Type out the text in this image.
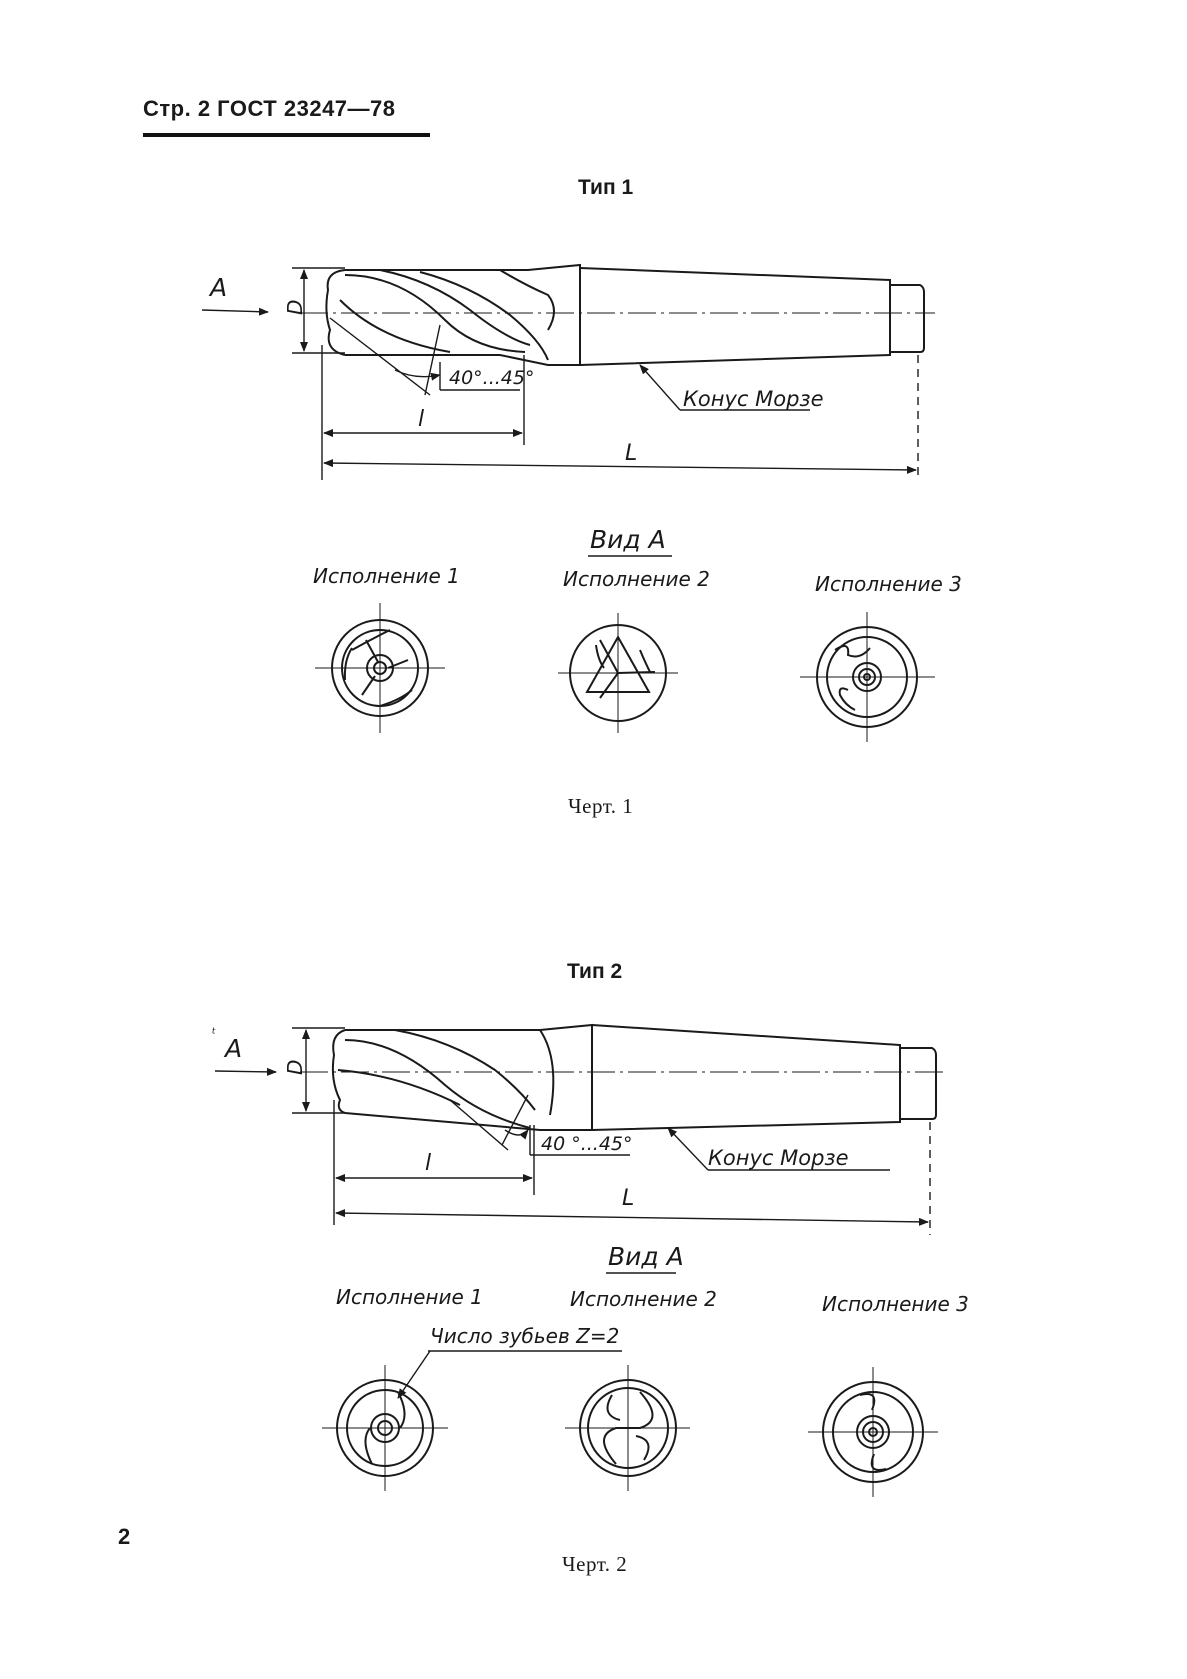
Стр. 2 ГОСТ 23247—78
Тип 1
Тип 2
A
D
40°...45°
Конус Морзе
l
L
Вид А
Исполнение 1	Исполнение 2	Исполнение 3
ᵗ A
D
40 °...45°
Конус Морзе
l
L
Вид А
Исполнение 1	Исполнение 2	Исполнение 3
Число зубьев Z=2
Черт. 1
Черт. 2
2
